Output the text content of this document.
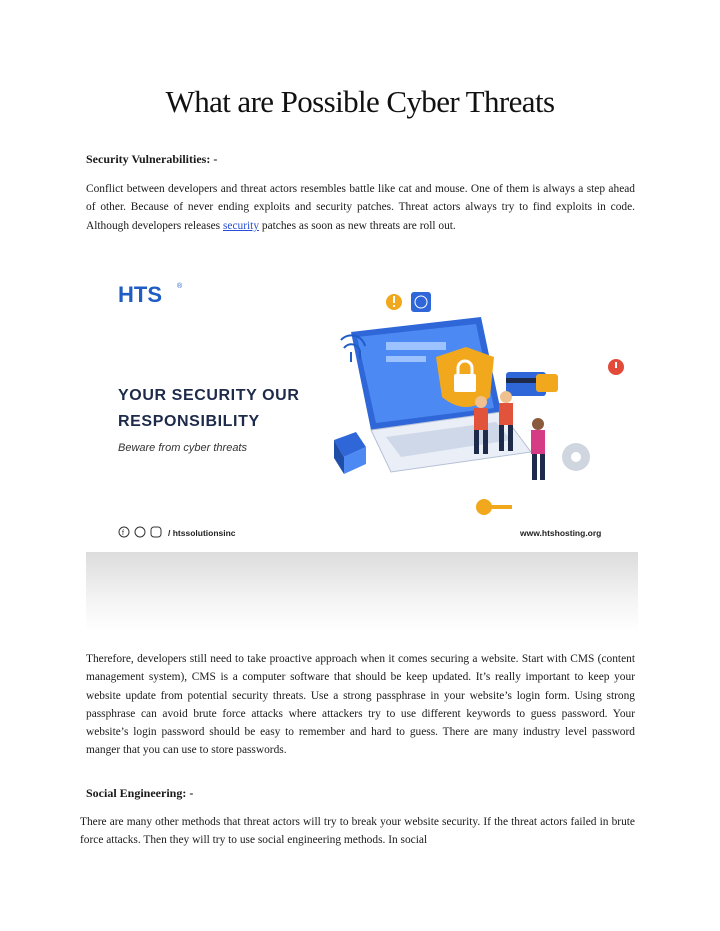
What are Possible Cyber Threats
Security Vulnerabilities: -

Conflict between developers and threat actors resembles battle like cat and mouse. One of them is always a step ahead of other. Because of never ending exploits and security patches. Threat actors always try to find exploits in code. Although developers releases security patches as soon as new threats are roll out.

HTS ®
YOUR SECURITY OUR
RESPONSIBILITY
Beware from cyber threats
f	/ htssolutionsinc	www.htshosting.org

Therefore, developers still need to take proactive approach when it comes securing a website. Start with CMS (content management system), CMS is a computer software that should be keep updated. It’s really important to keep your website update from potential security threats. Use a strong passphrase in your website’s login form. Using strong passphrase can avoid brute force attacks where attackers try to use different keywords to guess password. Your website’s login password should be easy to remember and hard to guess. There are many industry level password manger that you can use to store passwords.

Social Engineering: -

There are many other methods that threat actors will try to break your website security. If the threat actors failed in brute force attacks. Then they will try to use social engineering methods. In social
